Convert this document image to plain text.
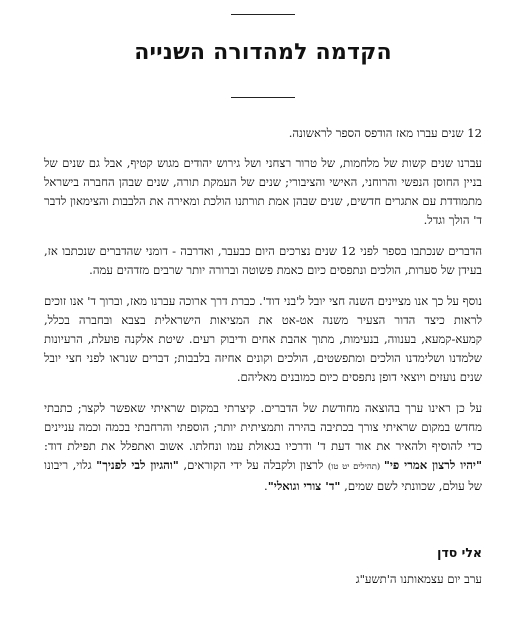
הקדמה למהדורה השנייה

12 שנים עברו מאז הודפס הספר לראשונה.

עברנו שנים קשות של מלחמות, של טרור רצחני ושל גירוש יהודים מגוש קטיף, אבל גם שנים של בניין החוסן הנפשי והרוחני, האישי והציבורי; שנים של העמקת תורה, שנים שבהן החברה בישראל מתמודדת עם אתגרים חדשים, שנים שבהן אמת תורתנו הולכת ומאירה את הלבבות והצימאון לדבר ד' הולך וגדל.

הדברים שנכתבו בספר לפני 12 שנים נצרכים היום כבעבר, ואדרבה - דומני שהדברים שנכתבו אז, בעידן של סערות, הולכים ונתפסים כיום כאמת פשוטה וברורה יותר שרבים מזדהים עמה.

נוסף על כך אנו מציינים השנה חצי יובל ל'בני דוד'. כברת דרך ארוכה עברנו מאז, וברוך ד' אנו זוכים לראות כיצד הדור הצעיר משנה אט-אט את המציאות הישראלית בצבא ובחברה בכלל, קמעא-קמעא, בענווה, בנעימות, מתוך אהבת אחים ודיבוק רעים. שיטת אלקנה פועלת, הרעיונות שלמדנו ושלימדנו הולכים ומתפשטים, הולכים וקונים אחיזה בלבבות; דברים שנראו לפני חצי יובל שנים נועזים ויוצאי דופן נתפסים כיום כמובנים מאליהם.

על כן ראינו ערך בהוצאה מחודשת של הדברים. קיצרתי במקום שראיתי שאפשר לקצר; כתבתי מחדש במקום שראיתי צורך בכתיבה בהירה ותמציתית יותר; הוספתי והרחבתי בכמה וכמה עניינים כדי להוסיף ולהאיר את אור דעת ד' ודרכיו בגאולת עמו ונחלתו. אשוב ואתפלל את תפילת דוד: "יהיו לרצון אמרי פי" (תהילים יט טו) לרצון ולקבלה על ידי הקוראים, "והגיון לבי לפניך" גלוי, ריבונו של עולם, שכוונתי לשם שמים, "ד' צורי וגואלי".

אלי סדן
ערב יום עצמאותנו ה'תשע"ג
